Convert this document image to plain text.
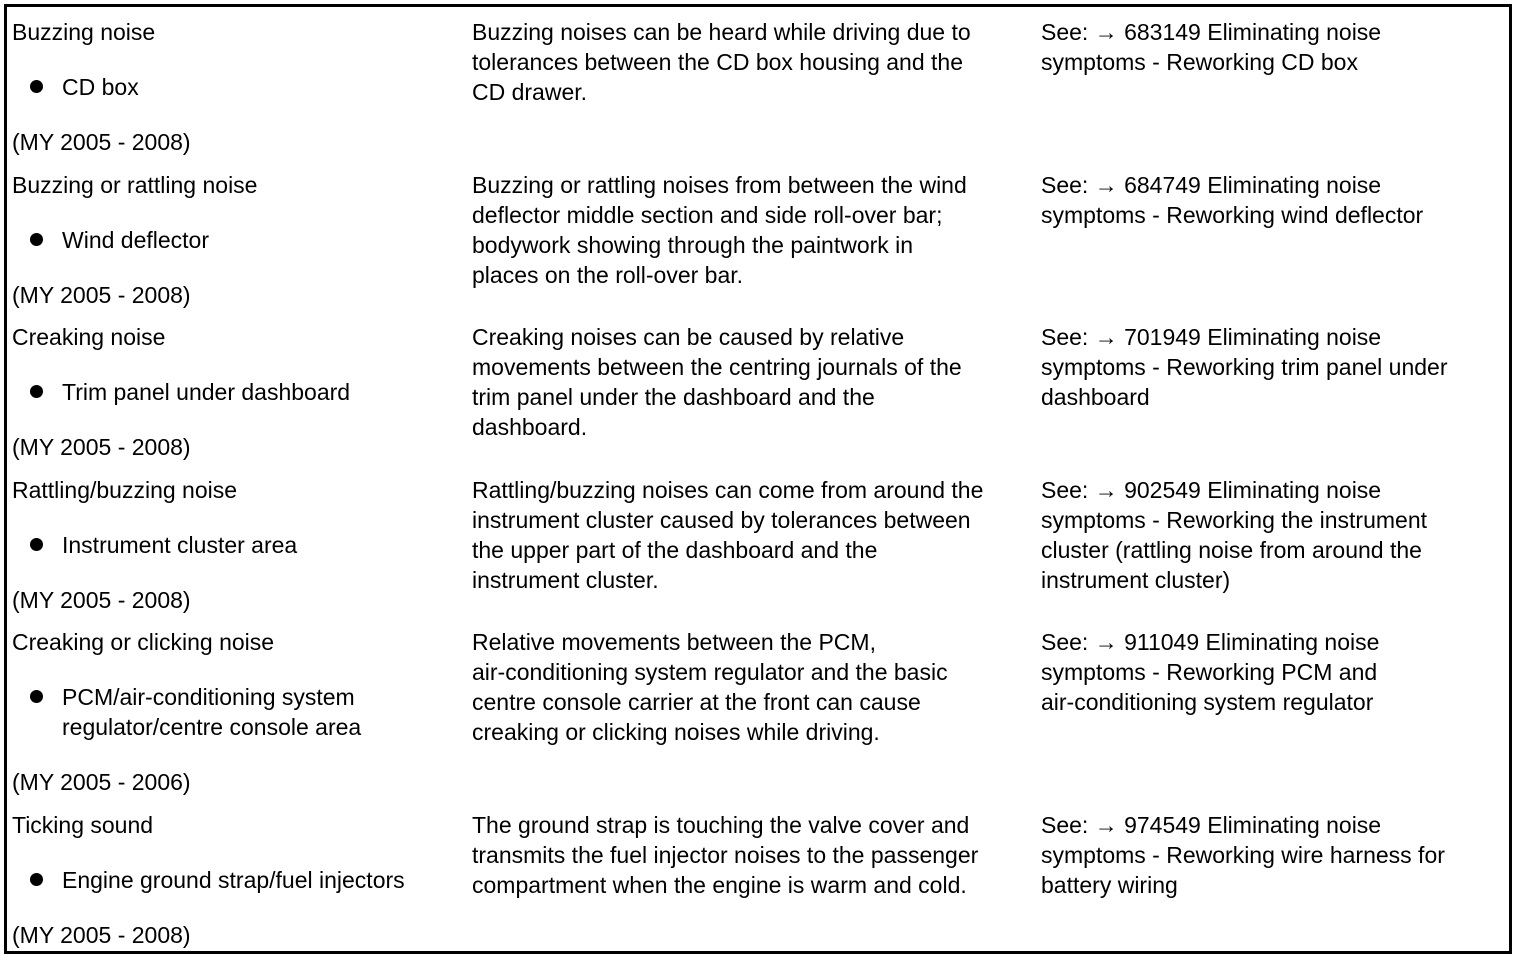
Buzzing noise
CD box
(MY 2005 - 2008)
Buzzing noises can be heard while driving due to
tolerances between the CD box housing and the
CD drawer.
See: → 683149 Eliminating noise
symptoms - Reworking CD box
Buzzing or rattling noise
Wind deflector
(MY 2005 - 2008)
Buzzing or rattling noises from between the wind
deflector middle section and side roll-over bar;
bodywork showing through the paintwork in
places on the roll-over bar.
See: → 684749 Eliminating noise
symptoms - Reworking wind deflector
Creaking noise
Trim panel under dashboard
(MY 2005 - 2008)
Creaking noises can be caused by relative
movements between the centring journals of the
trim panel under the dashboard and the
dashboard.
See: → 701949 Eliminating noise
symptoms - Reworking trim panel under
dashboard
Rattling/buzzing noise
Instrument cluster area
(MY 2005 - 2008)
Rattling/buzzing noises can come from around the
instrument cluster caused by tolerances between
the upper part of the dashboard and the
instrument cluster.
See: → 902549 Eliminating noise
symptoms - Reworking the instrument
cluster (rattling noise from around the
instrument cluster)
Creaking or clicking noise
PCM/air-conditioning system
regulator/centre console area
(MY 2005 - 2006)
Relative movements between the PCM,
air-conditioning system regulator and the basic
centre console carrier at the front can cause
creaking or clicking noises while driving.
See: → 911049 Eliminating noise
symptoms - Reworking PCM and
air-conditioning system regulator
Ticking sound
Engine ground strap/fuel injectors
(MY 2005 - 2008)
The ground strap is touching the valve cover and
transmits the fuel injector noises to the passenger
compartment when the engine is warm and cold.
See: → 974549 Eliminating noise
symptoms - Reworking wire harness for
battery wiring
